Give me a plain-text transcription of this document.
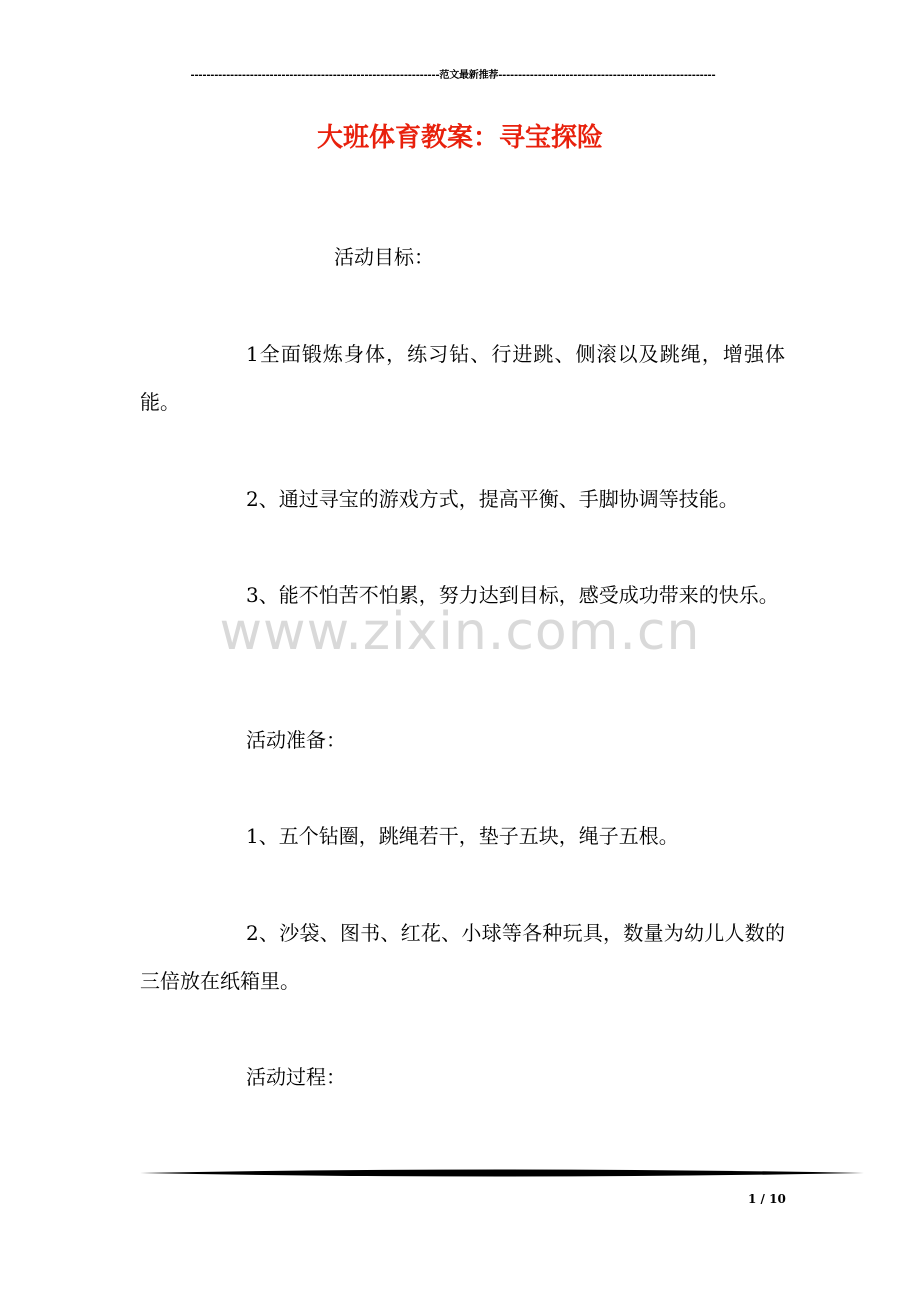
---------------------------------------------------------------范文最新推荐-------------------------------------------------------
大班体育教案：寻宝探险
活动目标：
1全面锻炼身体，练习钻、行进跳、侧滚以及跳绳，增强体能。
2、通过寻宝的游戏方式，提高平衡、手脚协调等技能。
3、能不怕苦不怕累，努力达到目标，感受成功带来的快乐。
活动准备：
1、五个钻圈，跳绳若干，垫子五块，绳子五根。
2、沙袋、图书、红花、小球等各种玩具，数量为幼儿人数的三倍放在纸箱里。
活动过程：
www.zixin.com.cn
1 / 10
